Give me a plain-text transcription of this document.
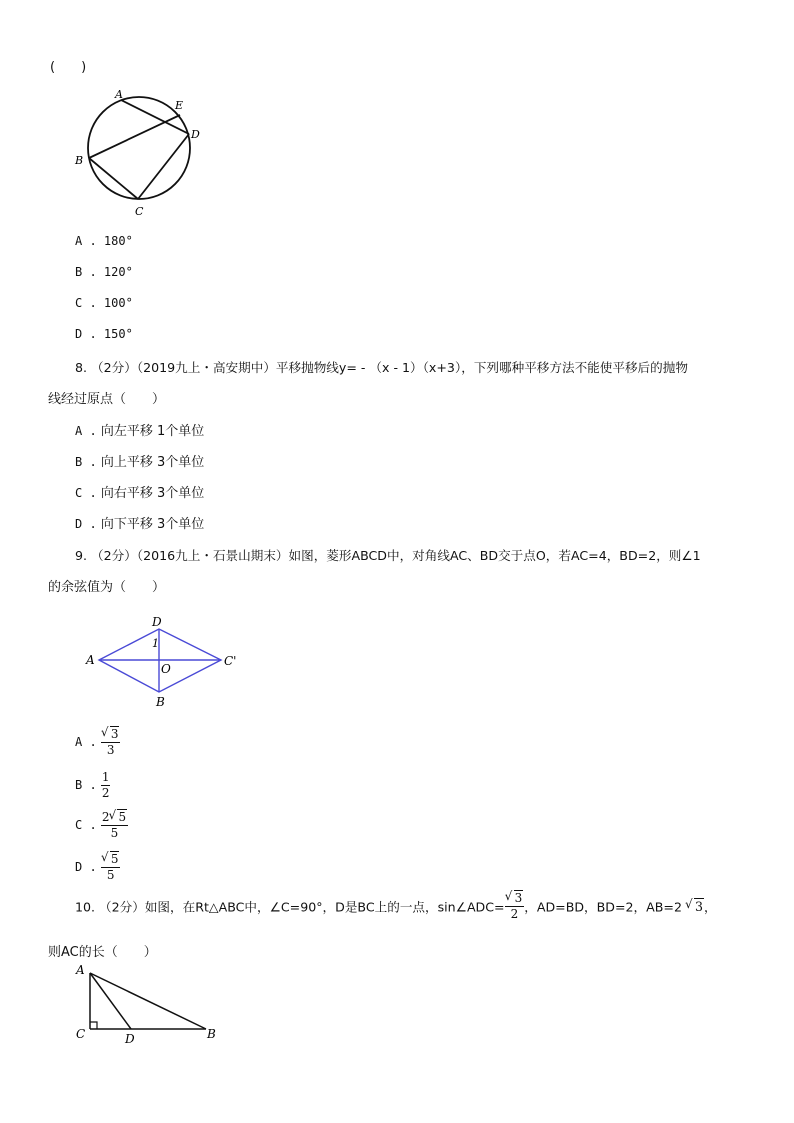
(　　)
A
E
D
B
C
A . 180°
B . 120°
C . 100°
D . 150°
8. （2分）（2019九上・高安期中）平移抛物线y= - （x - 1）（x+3），下列哪种平移方法不能使平移后的抛物
线经过原点（　　）
A . 向左平移 1个单位
B . 向上平移 3个单位
C . 向右平移 3个单位
D . 向下平移 3个单位
9. （2分）（2016九上・石景山期末）如图，菱形ABCD中，对角线AC、BD交于点O，若AC=4，BD=2，则∠1
的余弦值为（　　）
D
1
O
A	C'
B
A . √ $\frac{3}{3}$
B . $\frac{1}{2}$
C . $\frac{2 √ 5}{5}$
D . √ $\frac{5}{5}$
10. （2分）如图，在Rt△ABC中，∠C=90°，D是BC上的一点，sin∠ADC= √ $\frac{3}{2}$ ，AD=BD，BD=2，AB=2 √ 3，
则AC的长（　　）
A
C	D	B
